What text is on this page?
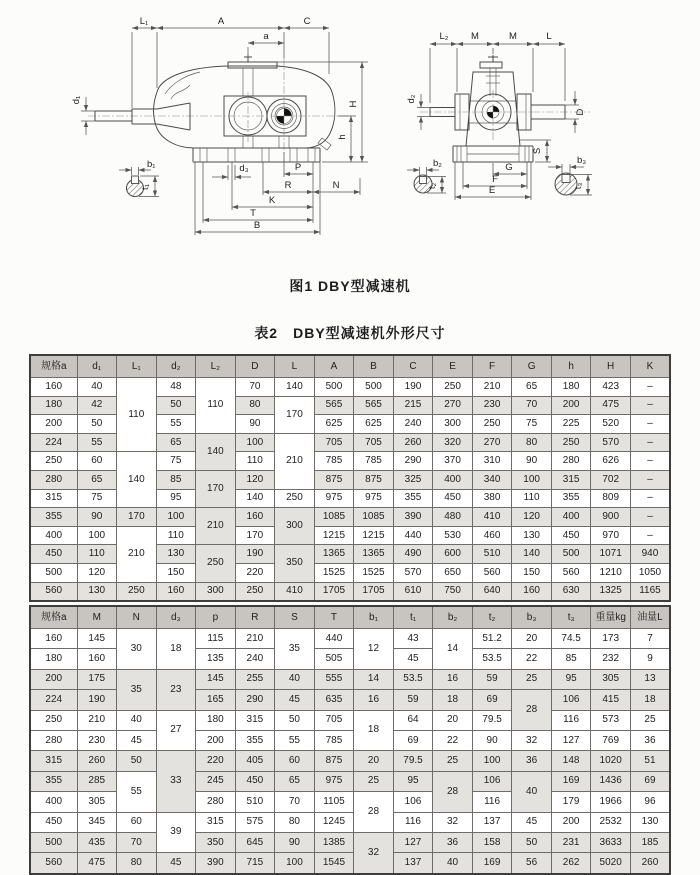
L₁	A	C
a
H
h
d₁
d₃	P
R	N
K
T
B
b₁
t₁
L₂ M	M	L
d₂
D
S
G
F
E
b₂
t₂
b₃
t₃
图1 DBY型减速机
表2　DBY型减速机外形尺寸
规格a	d₁	L₁	d₂	L₂	D	L	A	B	C	E	F	G	h	H	K
160	40	110	48	110	70	140	500	500	190	250	210	65	180	423	–
180	42		50		80	170	565	565	215	270	230	70	200	475	–
200	50		55		90		625	625	240	300	250	75	225	520	–
224	55		65	140	100	210	705	705	260	320	270	80	250	570	–
250	60	140	75		110		785	785	290	370	310	90	280	626	–
280	65		85	170	120		875	875	325	400	340	100	315	702	–
315	75		95		140	250	975	975	355	450	380	110	355	809	–
355	90	170	100	210	160	300	1085	1085	390	480	410	120	400	900	–
400	100	210	110		170		1215	1215	440	530	460	130	450	970	–
450	110		130	250	190	350	1365	1365	490	600	510	140	500	1071	940
500	120		150		220		1525	1525	570	650	560	150	560	1210	1050
560	130	250	160	300	250	410	1705	1705	610	750	640	160	630	1325	1165
规格a	M	N	d₃	p	R	S	T	b₁	t₁	b₂	t₂	b₃	t₃	重量kg	油量L
160	145	30	18	115	210	35	440	12	43	14	51.2	20	74.5	173	7
180	160			135	240		505		45		53.5	22	85	232	9
200	175	35	23	145	255	40	555	14	53.5	16	59	25	95	305	13
224	190			165	290	45	635	16	59	18	69	28	106	415	18
250	210	40	27	180	315	50	705	18	64	20	79.5		116	573	25
280	230	45		200	355	55	785		69	22	90	32	127	769	36
315	260	50	33	220	405	60	875	20	79.5	25	100	36	148	1020	51
355	285	55		245	450	65	975	25	95	28	106	40	169	1436	69
400	305			280	510	70	1105	28	106		116		179	1966	96
450	345	60	39	315	575	80	1245		116	32	137	45	200	2532	130
500	435	70		350	645	90	1385	32	127	36	158	50	231	3633	185
560	475	80	45	390	715	100	1545		137	40	169	56	262	5020	260
